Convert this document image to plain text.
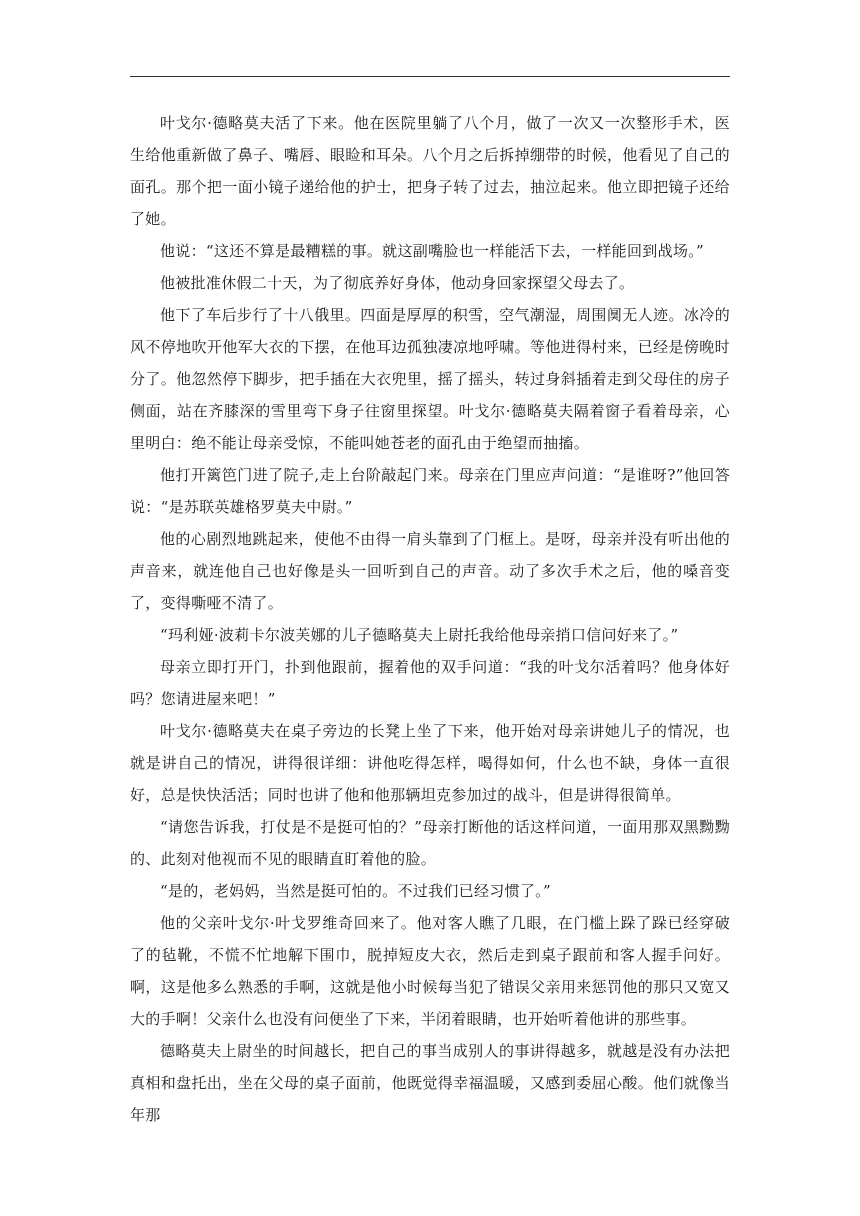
叶戈尔·德略莫夫活了下来。他在医院里躺了八个月，做了一次又一次整形手术，医生给他重新做了鼻子、嘴唇、眼睑和耳朵。八个月之后拆掉绷带的时候，他看见了自己的面孔。那个把一面小镜子递给他的护士，把身子转了过去，抽泣起来。他立即把镜子还给了她。

他说：“这还不算是最糟糕的事。就这副嘴脸也一样能活下去，一样能回到战场。”

他被批准休假二十天，为了彻底养好身体，他动身回家探望父母去了。

他下了车后步行了十八俄里。四面是厚厚的积雪，空气潮湿，周围阒无人迹。冰冷的风不停地吹开他军大衣的下摆，在他耳边孤独凄凉地呼啸。等他进得村来，已经是傍晚时分了。他忽然停下脚步，把手插在大衣兜里，摇了摇头，转过身斜插着走到父母住的房子侧面，站在齐膝深的雪里弯下身子往窗里探望。叶戈尔·德略莫夫隔着窗子看着母亲，心里明白：绝不能让母亲受惊，不能叫她苍老的面孔由于绝望而抽搐。

他打开篱笆门进了院子,走上台阶敲起门来。母亲在门里应声问道：“是谁呀?”他回答说：“是苏联英雄格罗莫夫中尉。”

他的心剧烈地跳起来，使他不由得一肩头靠到了门框上。是呀，母亲并没有听出他的声音来，就连他自己也好像是头一回听到自己的声音。动了多次手术之后，他的嗓音变了，变得嘶哑不清了。

“玛利娅·波莉卡尔波芙娜的儿子德略莫夫上尉托我给他母亲捎口信问好来了。”

母亲立即打开门，扑到他跟前，握着他的双手问道：“我的叶戈尔活着吗？他身体好吗？您请进屋来吧！”

叶戈尔·德略莫夫在桌子旁边的长凳上坐了下来，他开始对母亲讲她儿子的情况，也就是讲自己的情况，讲得很详细：讲他吃得怎样，喝得如何，什么也不缺，身体一直很好，总是快快活活；同时也讲了他和他那辆坦克参加过的战斗，但是讲得很简单。

“请您告诉我，打仗是不是挺可怕的？”母亲打断他的话这样问道，一面用那双黑黝黝的、此刻对他视而不见的眼睛直盯着他的脸。

“是的，老妈妈，当然是挺可怕的。不过我们已经习惯了。”

他的父亲叶戈尔·叶戈罗维奇回来了。他对客人瞧了几眼，在门槛上跺了跺已经穿破了的毡靴，不慌不忙地解下围巾，脱掉短皮大衣，然后走到桌子跟前和客人握手问好。啊，这是他多么熟悉的手啊，这就是他小时候每当犯了错误父亲用来惩罚他的那只又宽又大的手啊！父亲什么也没有问便坐了下来，半闭着眼睛，也开始听着他讲的那些事。

德略莫夫上尉坐的时间越长，把自己的事当成别人的事讲得越多，就越是没有办法把真相和盘托出，坐在父母的桌子面前，他既觉得幸福温暖，又感到委屈心酸。他们就像当年那
